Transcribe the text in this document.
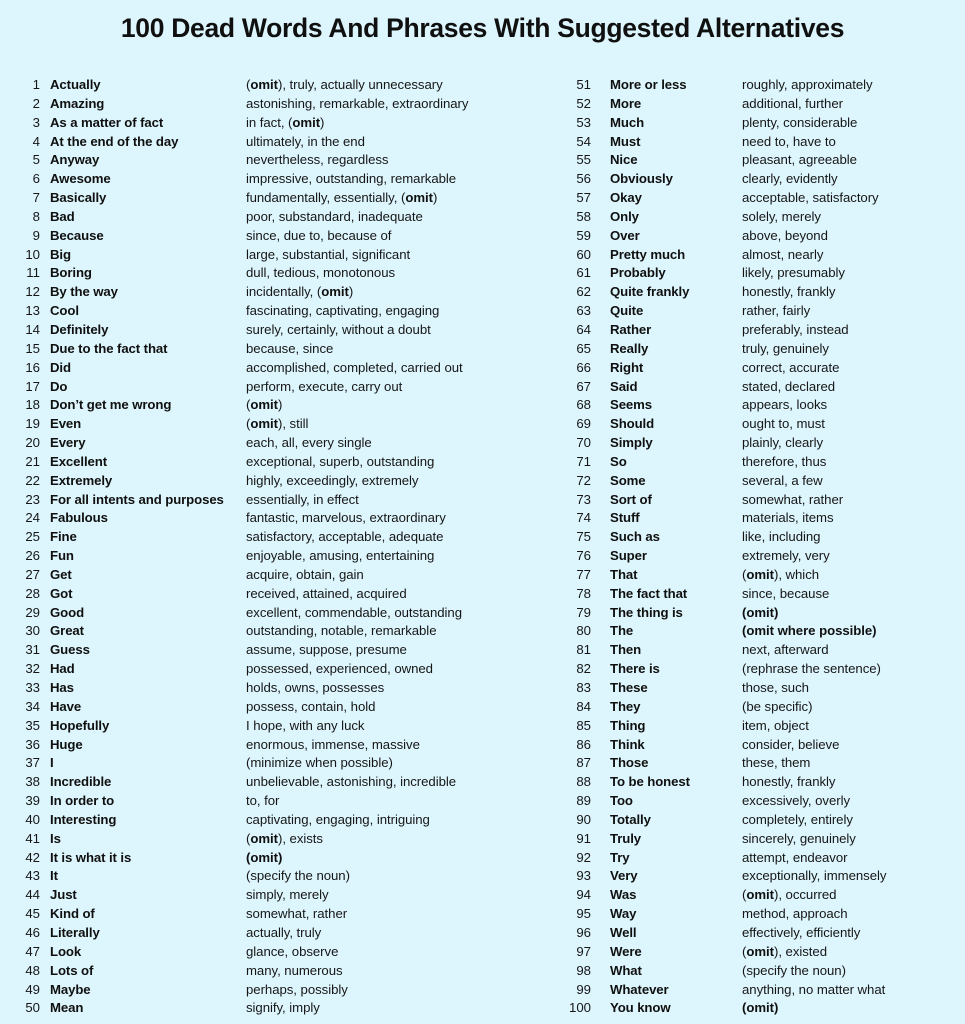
100 Dead Words And Phrases With Suggested Alternatives
1 Actually	(omit), truly, actually unnecessary
2 Amazing	astonishing, remarkable, extraordinary
3 As a matter of fact	in fact, (omit)
4 At the end of the day	ultimately, in the end
5 Anyway	nevertheless, regardless
6 Awesome	impressive, outstanding, remarkable
7 Basically	fundamentally, essentially, (omit)
8 Bad	poor, substandard, inadequate
9 Because	since, due to, because of
10 Big	large, substantial, significant
11 Boring	dull, tedious, monotonous
12 By the way	incidentally, (omit)
13 Cool	fascinating, captivating, engaging
14 Definitely	surely, certainly, without a doubt
15 Due to the fact that	because, since
16 Did	accomplished, completed, carried out
17 Do	perform, execute, carry out
18 Don’t get me wrong	(omit)
19 Even	(omit), still
20 Every	each, all, every single
21 Excellent	exceptional, superb, outstanding
22 Extremely	highly, exceedingly, extremely
23 For all intents and purposes	essentially, in effect
24 Fabulous	fantastic, marvelous, extraordinary
25 Fine	satisfactory, acceptable, adequate
26 Fun	enjoyable, amusing, entertaining
27 Get	acquire, obtain, gain
28 Got	received, attained, acquired
29 Good	excellent, commendable, outstanding
30 Great	outstanding, notable, remarkable
31 Guess	assume, suppose, presume
32 Had	possessed, experienced, owned
33 Has	holds, owns, possesses
34 Have	possess, contain, hold
35 Hopefully	I hope, with any luck
36 Huge	enormous, immense, massive
37 I	(minimize when possible)
38 Incredible	unbelievable, astonishing, incredible
39 In order to	to, for
40 Interesting	captivating, engaging, intriguing
41 Is	(omit), exists
42 It is what it is	(omit)
43 It	(specify the noun)
44 Just	simply, merely
45 Kind of	somewhat, rather
46 Literally	actually, truly
47 Look	glance, observe
48 Lots of	many, numerous
49 Maybe	perhaps, possibly
50 Mean	signify, imply
51 More or less	roughly, approximately
52 More	additional, further
53 Much	plenty, considerable
54 Must	need to, have to
55 Nice	pleasant, agreeable
56 Obviously	clearly, evidently
57 Okay	acceptable, satisfactory
58 Only	solely, merely
59 Over	above, beyond
60 Pretty much	almost, nearly
61 Probably	likely, presumably
62 Quite frankly	honestly, frankly
63 Quite	rather, fairly
64 Rather	preferably, instead
65 Really	truly, genuinely
66 Right	correct, accurate
67 Said	stated, declared
68 Seems	appears, looks
69 Should	ought to, must
70 Simply	plainly, clearly
71 So	therefore, thus
72 Some	several, a few
73 Sort of	somewhat, rather
74 Stuff	materials, items
75 Such as	like, including
76 Super	extremely, very
77 That	(omit), which
78 The fact that	since, because
79 The thing is	(omit)
80 The	(omit where possible)
81 Then	next, afterward
82 There is	(rephrase the sentence)
83 These	those, such
84 They	(be specific)
85 Thing	item, object
86 Think	consider, believe
87 Those	these, them
88 To be honest	honestly, frankly
89 Too	excessively, overly
90 Totally	completely, entirely
91 Truly	sincerely, genuinely
92 Try	attempt, endeavor
93 Very	exceptionally, immensely
94 Was	(omit), occurred
95 Way	method, approach
96 Well	effectively, efficiently
97 Were	(omit), existed
98 What	(specify the noun)
99 Whatever	anything, no matter what
100 You know	(omit)
